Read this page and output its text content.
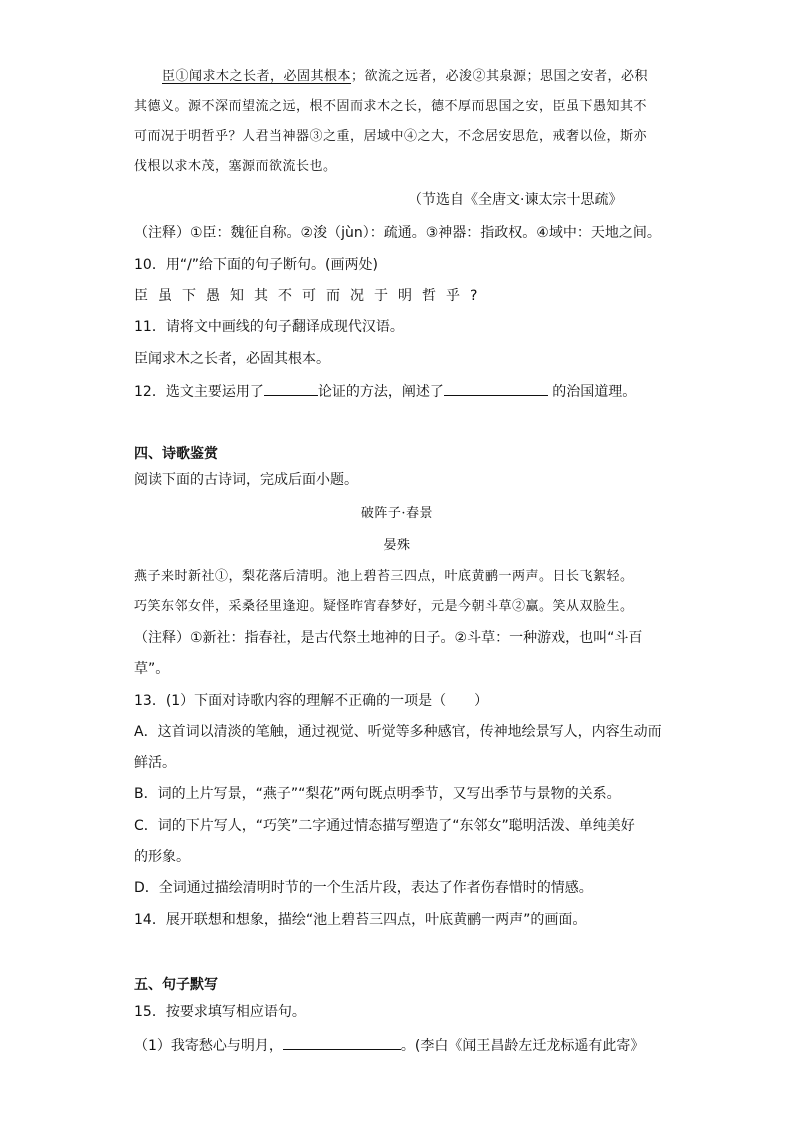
臣①闻求木之长者，必固其根本；欲流之远者，必浚②其泉源；思国之安者，必积
其德义。源不深而望流之远，根不固而求木之长，德不厚而思国之安，臣虽下愚知其不
可而况于明哲乎？人君当神器③之重，居域中④之大，不念居安思危，戒奢以俭，斯亦
伐根以求木茂，塞源而欲流长也。
（节选自《全唐文·谏太宗十思疏》
（注释）①臣：魏征自称。②浚（jùn）：疏通。③神器：指政权。④域中：天地之间。
10．用“/”给下面的句子断句。(画两处)
臣虽下愚知其不可而况于明哲乎?
11．请将文中画线的句子翻译成现代汉语。
臣闻求木之长者，必固其根本。
12．选文主要运用了	论证的方法，阐述了	的治国道理。
四、诗歌鉴赏
阅读下面的古诗词，完成后面小题。
破阵子·春景
晏殊
燕子来时新社①，梨花落后清明。池上碧苔三四点，叶底黄鹂一两声。日长飞絮轻。
巧笑东邻女伴，采桑径里逢迎。疑怪昨宵春梦好，元是今朝斗草②赢。笑从双脸生。
（注释）①新社：指春社，是古代祭土地神的日子。②斗草：一种游戏，也叫“斗百
草”。
13．(1）下面对诗歌内容的理解不正确的一项是（　　）
A．这首词以清淡的笔触，通过视觉、听觉等多种感官，传神地绘景写人，内容生动而
鲜活。
B．词的上片写景，“燕子”“梨花”两句既点明季节，又写出季节与景物的关系。
C．词的下片写人，“巧笑”二字通过情态描写塑造了“东邻女”聪明活泼、单纯美好
的形象。
D．全词通过描绘清明时节的一个生活片段，表达了作者伤春惜时的情感。
14．展开联想和想象，描绘“池上碧苔三四点，叶底黄鹂一两声”的画面。
五、句子默写
15．按要求填写相应语句。
（1）我寄愁心与明月，	。(李白《闻王昌龄左迁龙标遥有此寄》
